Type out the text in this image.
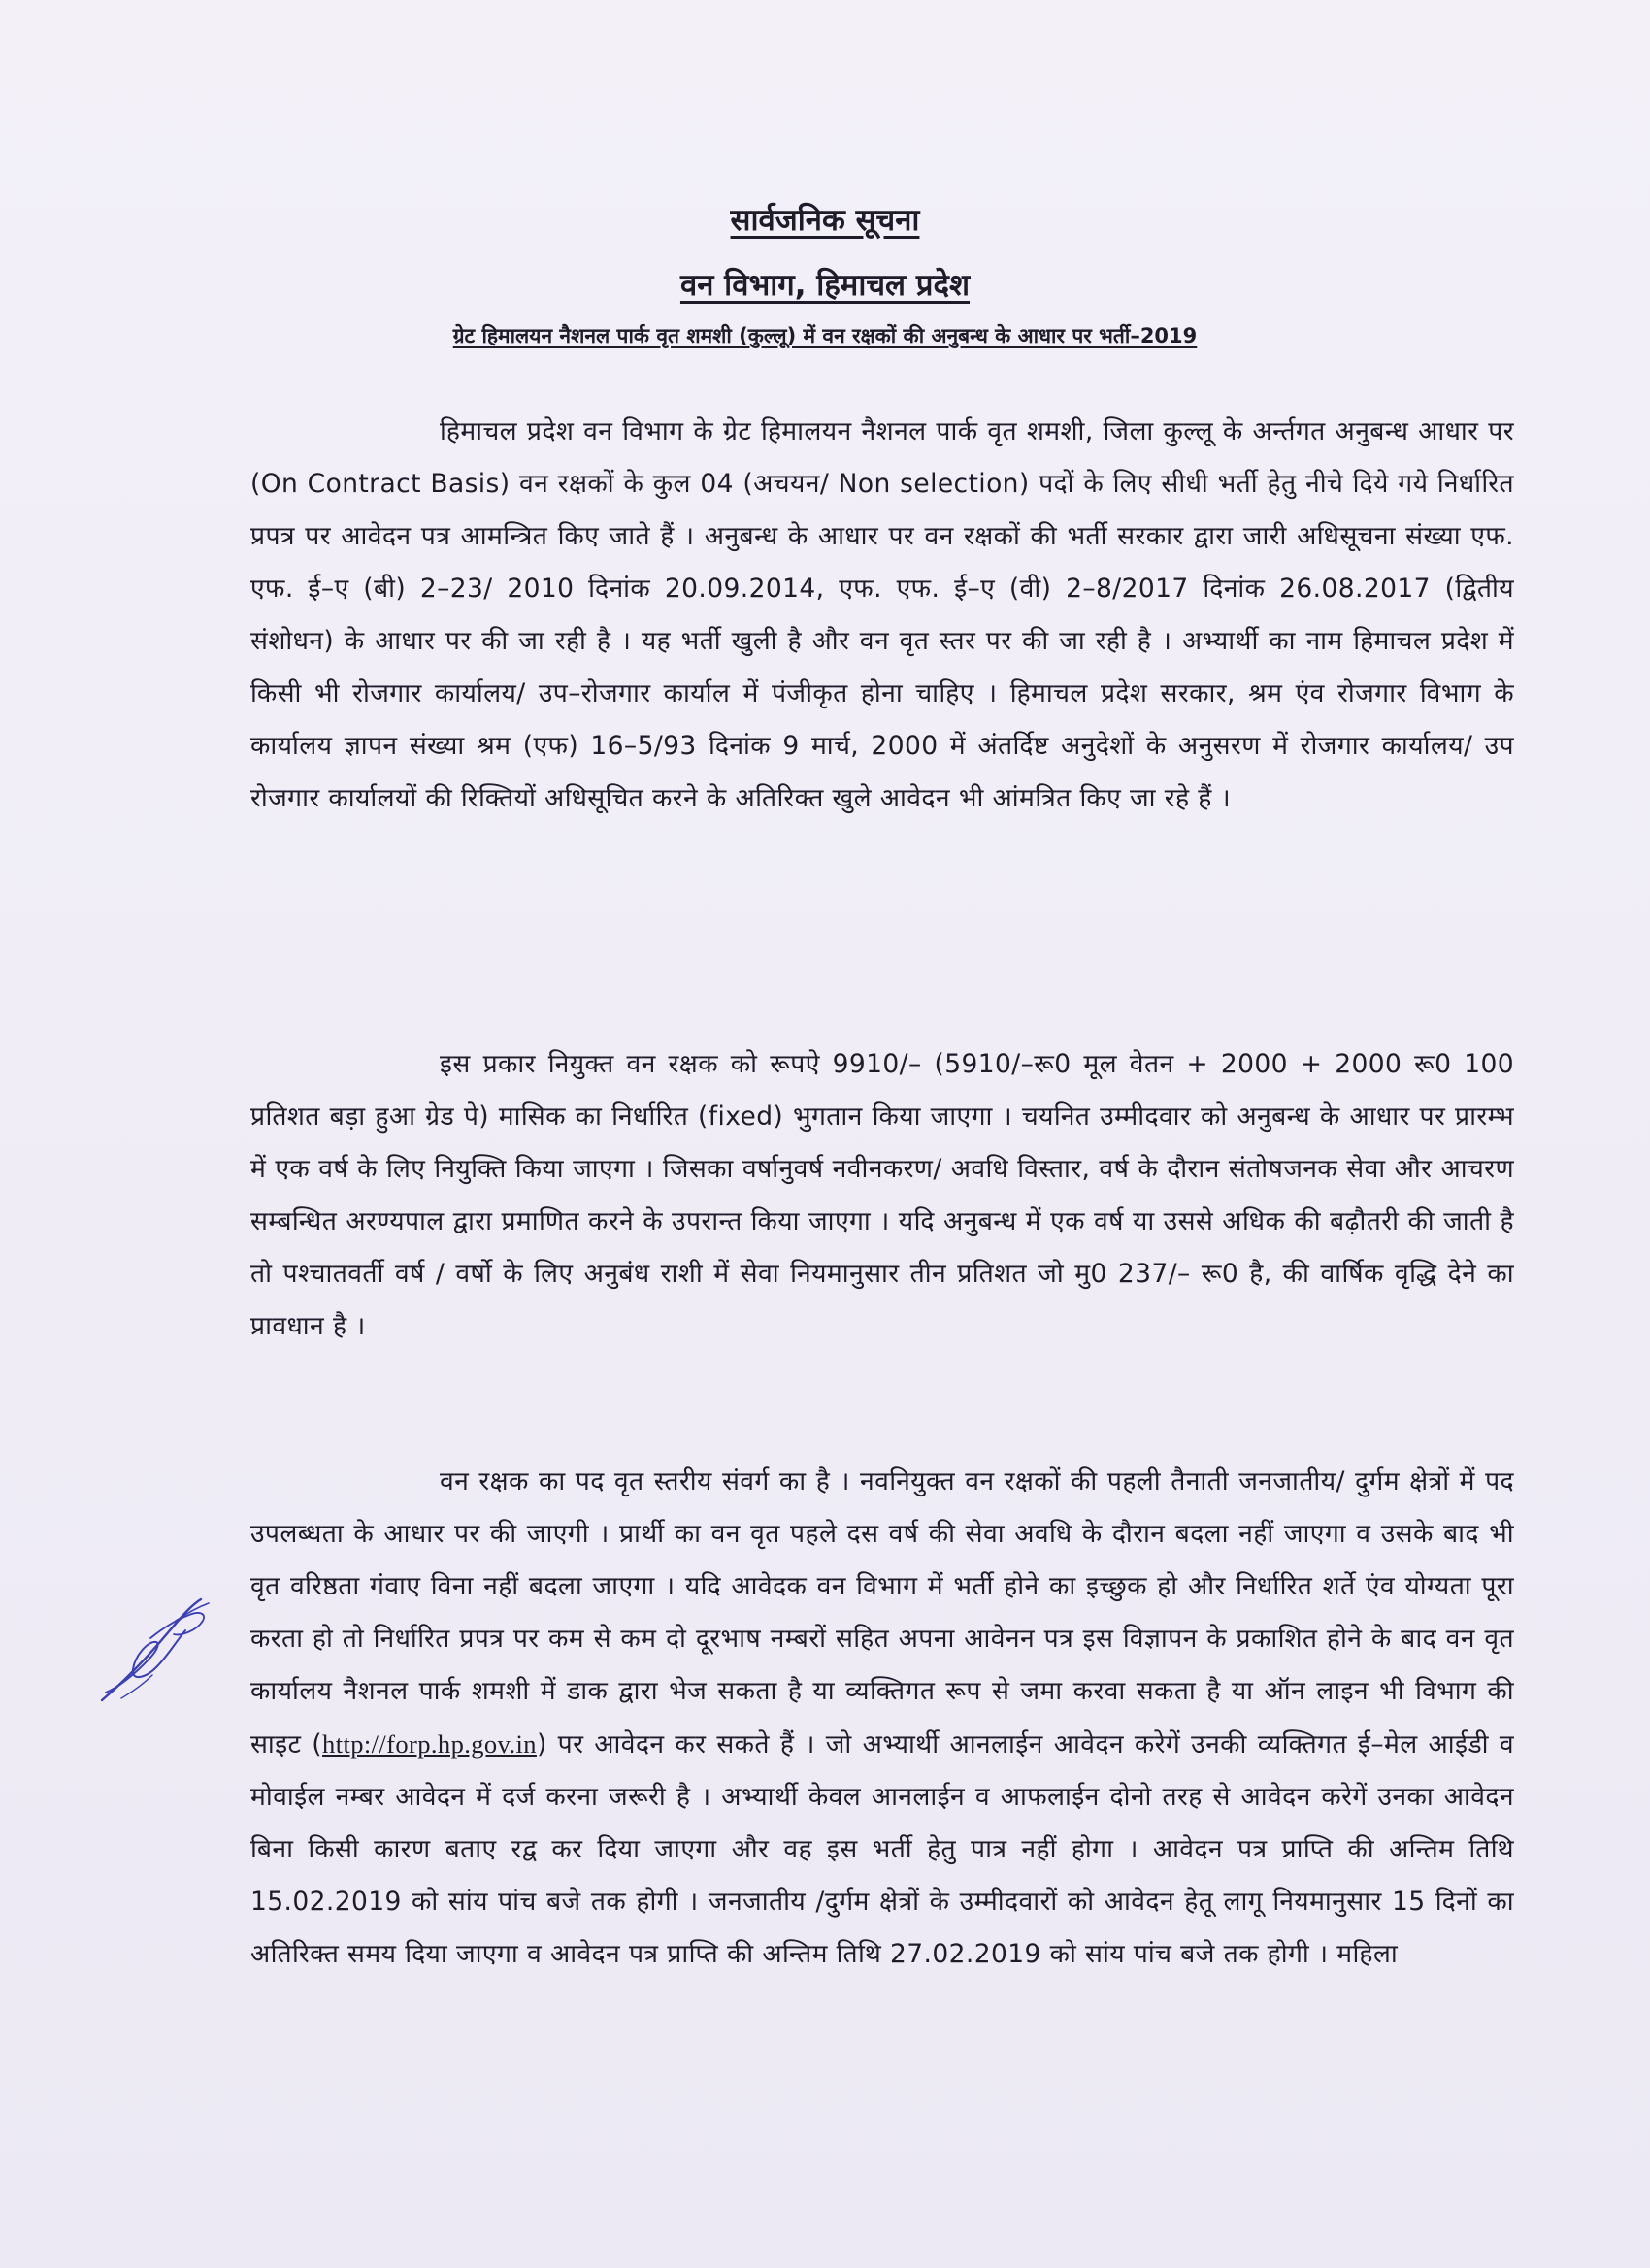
सार्वजनिक सूचना
वन विभाग, हिमाचल प्रदेश
ग्रेट हिमालयन नैशनल पार्क वृत शमशी (कुल्लू) में वन रक्षकों की अनुबन्ध के आधार पर भर्ती–2019

हिमाचल प्रदेश वन विभाग के ग्रेट हिमालयन नैशनल पार्क वृत शमशी, जिला कुल्लू के अर्न्तगत अनुबन्ध आधार पर (On Contract Basis) वन रक्षकों के कुल 04 (अचयन/ Non selection) पदों के लिए सीधी भर्ती हेतु नीचे दिये गये निर्धारित प्रपत्र पर आवेदन पत्र आमन्त्रित किए जाते हैं । अनुबन्ध के आधार पर वन रक्षकों की भर्ती सरकार द्वारा जारी अधिसूचना संख्या एफ. एफ. ई–ए (बी) 2–23/ 2010 दिनांक 20.09.2014, एफ. एफ. ई–ए (वी) 2–8/2017 दिनांक 26.08.2017 (द्वितीय संशोधन) के आधार पर की जा रही है । यह भर्ती खुली है और वन वृत स्तर पर की जा रही है । अभ्यार्थी का नाम हिमाचल प्रदेश में किसी भी रोजगार कार्यालय/ उप–रोजगार कार्याल में पंजीकृत होना चाहिए । हिमाचल प्रदेश सरकार, श्रम एंव रोजगार विभाग के कार्यालय ज्ञापन संख्या श्रम (एफ) 16–5/93 दिनांक 9 मार्च, 2000 में अंतर्दिष्ट अनुदेशों के अनुसरण में रोजगार कार्यालय/ उप रोजगार कार्यालयों की रिक्तियों अधिसूचित करने के अतिरिक्त खुले आवेदन भी आंमत्रित किए जा रहे हैं ।

इस प्रकार नियुक्त वन रक्षक को रूपऐ 9910/– (5910/–रू0 मूल वेतन + 2000 + 2000 रू0 100 प्रतिशत बड़ा हुआ ग्रेड पे) मासिक का निर्धारित (fixed) भुगतान किया जाएगा । चयनित उम्मीदवार को अनुबन्ध के आधार पर प्रारम्भ में एक वर्ष के लिए नियुक्ति किया जाएगा । जिसका वर्षानुवर्ष नवीनकरण/ अवधि विस्तार, वर्ष के दौरान संतोषजनक सेवा और आचरण सम्बन्धित अरण्यपाल द्वारा प्रमाणित करने के उपरान्त किया जाएगा । यदि अनुबन्ध में एक वर्ष या उससे अधिक की बढ़ौतरी की जाती है तो पश्चातवर्ती वर्ष / वर्षो के लिए अनुबंध राशी में सेवा नियमानुसार तीन प्रतिशत जो मु0 237/– रू0 है, की वार्षिक वृद्धि देने का प्रावधान है ।

वन रक्षक का पद वृत स्तरीय संवर्ग का है । नवनियुक्त वन रक्षकों की पहली तैनाती जनजातीय/ दुर्गम क्षेत्रों में पद उपलब्धता के आधार पर की जाएगी । प्रार्थी का वन वृत पहले दस वर्ष की सेवा अवधि के दौरान बदला नहीं जाएगा व उसके बाद भी वृत वरिष्ठता गंवाए विना नहीं बदला जाएगा । यदि आवेदक वन विभाग में भर्ती होने का इच्छुक हो और निर्धारित शर्ते एंव योग्यता पूरा करता हो तो निर्धारित प्रपत्र पर कम से कम दो दूरभाष नम्बरों सहित अपना आवेनन पत्र इस विज्ञापन के प्रकाशित होने के बाद वन वृत कार्यालय नैशनल पार्क शमशी में डाक द्वारा भेज सकता है या व्यक्तिगत रूप से जमा करवा सकता है या ऑन लाइन भी विभाग की साइट (http://forp.hp.gov.in) पर आवेदन कर सकते हैं । जो अभ्यार्थी आनलाईन आवेदन करेगें उनकी व्यक्तिगत ई–मेल आईडी व मोवाईल नम्बर आवेदन में दर्ज करना जरूरी है । अभ्यार्थी केवल आनलाईन व आफलाईन दोनो तरह से आवेदन करेगें उनका आवेदन बिना किसी कारण बताए रद्व कर दिया जाएगा और वह इस भर्ती हेतु पात्र नहीं होगा । आवेदन पत्र प्राप्ति की अन्तिम तिथि 15.02.2019 को सांय पांच बजे तक होगी । जनजातीय /दुर्गम क्षेत्रों के उम्मीदवारों को आवेदन हेतू लागू नियमानुसार 15 दिनों का अतिरिक्त समय दिया जाएगा व आवेदन पत्र प्राप्ति की अन्तिम तिथि 27.02.2019 को सांय पांच बजे तक होगी । महिला
